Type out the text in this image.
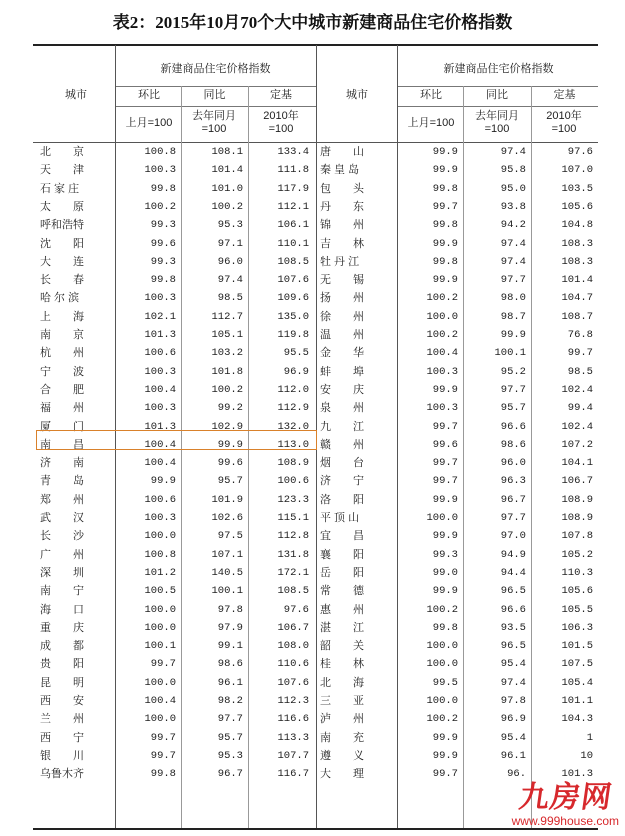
表2：2015年10月70个大中城市新建商品住宅价格指数
城市
新建商品住宅价格指数
环比	同比	定基
上月=100
去年同月=100
2010年=100
城市
新建商品住宅价格指数
环比	同比	定基
上月=100
去年同月=100
2010年=100
北　　京	100.8	108.1	133.4 唐　　山	99.9	97.4	97.6
天　　津	100.3	101.4	111.8 秦 皇 岛	99.9	95.8	107.0
石 家 庄	99.8	101.0	117.9 包　　头	99.8	95.0	103.5
太　　原	100.2	100.2	112.1 丹　　东	99.7	93.8	105.6
呼和浩特	99.3	95.3	106.1 锦　　州	99.8	94.2	104.8
沈　　阳	99.6	97.1	110.1 吉　　林	99.9	97.4	108.3
大　　连	99.3	96.0	108.5 牡 丹 江	99.8	97.4	108.3
长　　春	99.8	97.4	107.6 无　　锡	99.9	97.7	101.4
哈 尔 滨	100.3	98.5	109.6 扬　　州	100.2	98.0	104.7
上　　海	102.1	112.7	135.0 徐　　州	100.0	98.7	108.7
南　　京	101.3	105.1	119.8 温　　州	100.2	99.9	76.8
杭　　州	100.6	103.2	95.5 金　　华	100.4	100.1	99.7
宁　　波	100.3	101.8	96.9 蚌　　埠	100.3	95.2	98.5
合　　肥	100.4	100.2	112.0 安　　庆	99.9	97.7	102.4
福　　州	100.3	99.2	112.9 泉　　州	100.3	95.7	99.4
厦　　门	101.3	102.9	132.0 九　　江	99.7	96.6	102.4
南　　昌	100.4	99.9	113.0 赣　　州	99.6	98.6	107.2
济　　南	100.4	99.6	108.9 烟　　台	99.7	96.0	104.1
青　　岛	99.9	95.7	100.6 济　　宁	99.7	96.3	106.7
郑　　州	100.6	101.9	123.3 洛　　阳	99.9	96.7	108.9
武　　汉	100.3	102.6	115.1 平 顶 山	100.0	97.7	108.9
长　　沙	100.0	97.5	112.8 宜　　昌	99.9	97.0	107.8
广　　州	100.8	107.1	131.8 襄　　阳	99.3	94.9	105.2
深　　圳	101.2	140.5	172.1 岳　　阳	99.0	94.4	110.3
南　　宁	100.5	100.1	108.5 常　　德	99.9	96.5	105.6
海　　口	100.0	97.8	97.6 惠　　州	100.2	96.6	105.5
重　　庆	100.0	97.9	106.7 湛　　江	99.8	93.5	106.3
成　　都	100.1	99.1	108.0 韶　　关	100.0	96.5	101.5
贵　　阳	99.7	98.6	110.6 桂　　林	100.0	95.4	107.5
昆　　明	100.0	96.1	107.6 北　　海	99.5	97.4	105.4
西　　安	100.4	98.2	112.3 三　　亚	100.0	97.8	101.1
兰　　州	100.0	97.7	116.6 泸　　州	100.2	96.9	104.3
西　　宁	99.7	95.7	113.3 南　　充	99.9	95.4	1
银　　川	99.7	95.3	107.7 遵　　义	99.9	96.1	10
乌鲁木齐	99.8	96.7	116.7 大　　理	99.7	96.	101.3
九房网
www.999house.com
